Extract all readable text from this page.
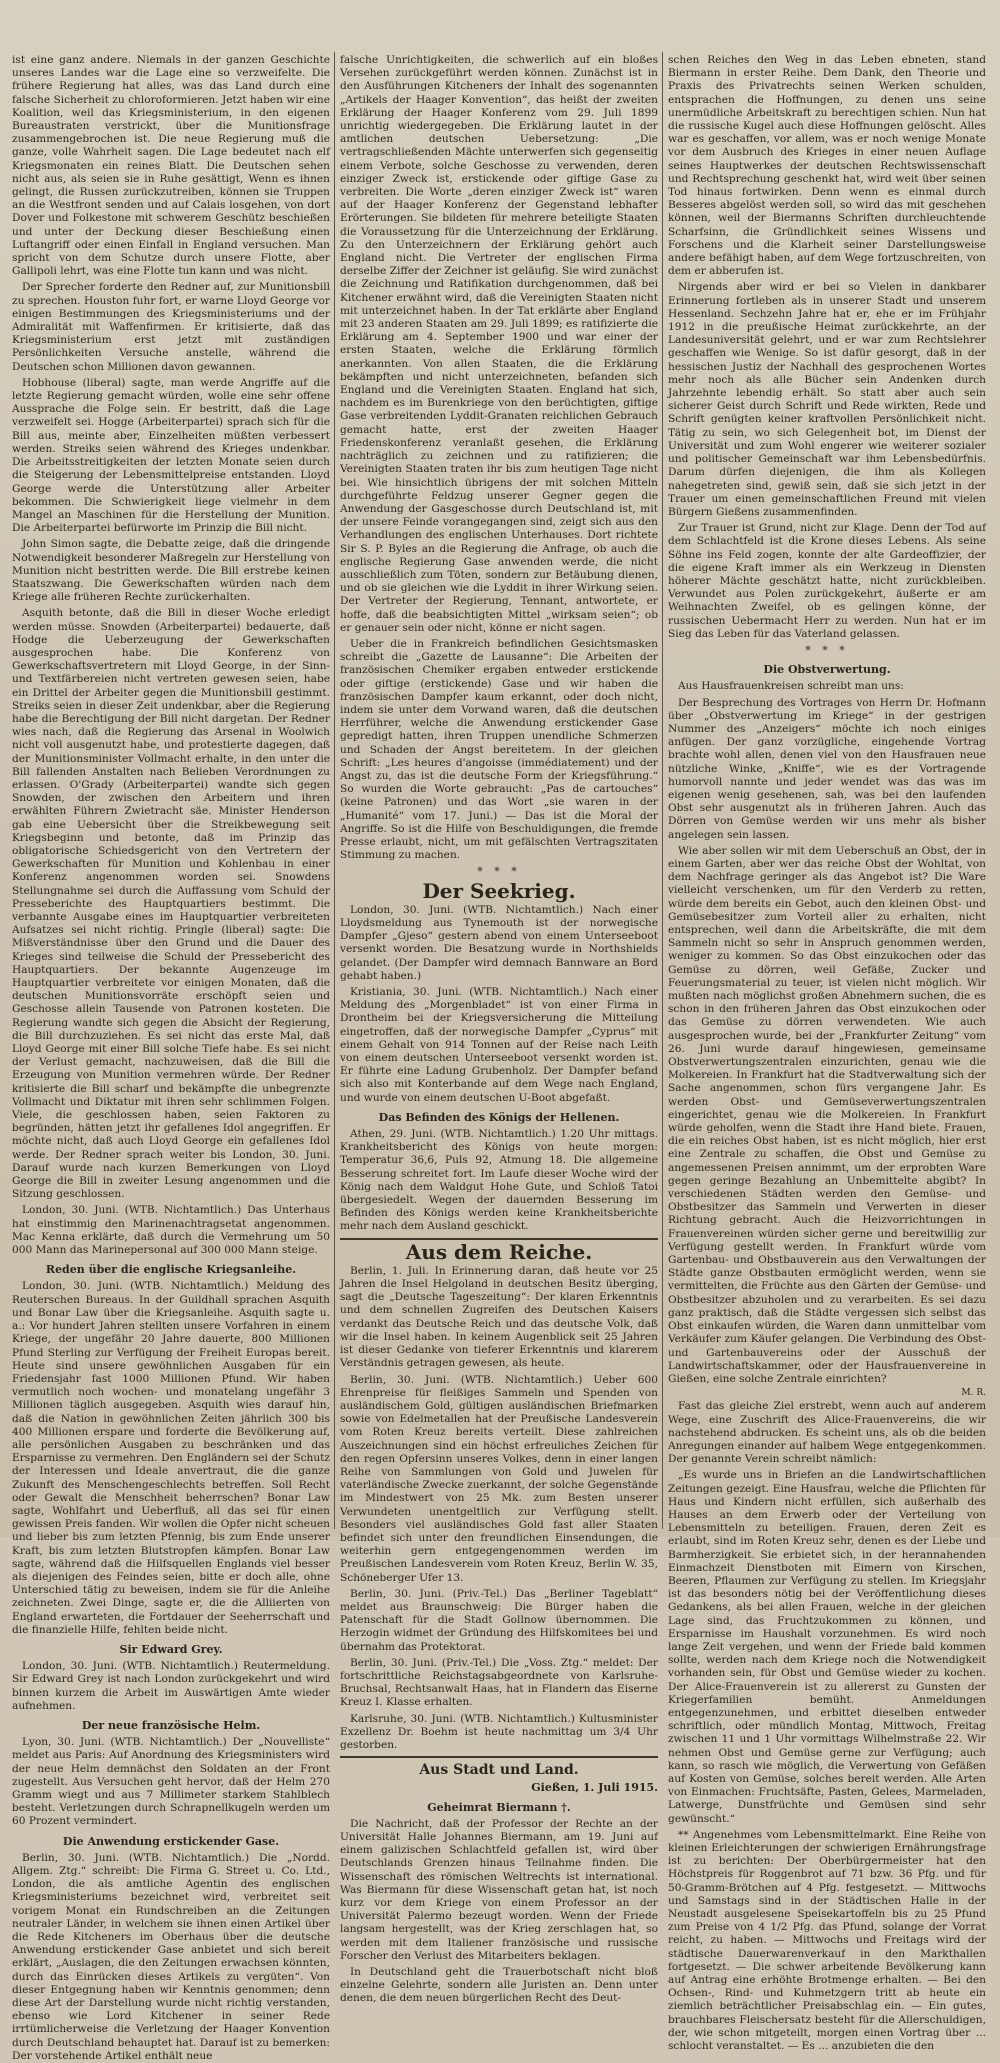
ist eine ganz andere. Niemals in der ganzen Geschichte unseres Landes war die Lage eine so verzweifelte. Die frühere Regierung hat alles, was das Land durch eine falsche Sicherheit zu chloroformieren. Jetzt haben wir eine Koalition, weil das Kriegsministerium, in den eigenen Bureaustraten verstrickt, über die Munitionsfrage zusammengebrochen ist. Die neue Regierung muß die ganze, volle Wahrheit sagen. Die Lage bedeutet nach elf Kriegsmonaten ein reines Blatt. Die Deutschen sehen nicht aus, als seien sie in Ruhe gesättigt, Wenn es ihnen gelingt, die Russen zurückzutreiben, können sie Truppen an die Westfront senden und auf Calais losgehen, von dort Dover und Folkestone mit schwerem Geschütz beschießen und unter der Deckung dieser Beschießung einen Luftangriff oder einen Einfall in England versuchen. Man spricht von dem Schutze durch unsere Flotte, aber Gallipoli lehrt, was eine Flotte tun kann und was nicht.

Der Sprecher forderte den Redner auf, zur Munitionsbill zu sprechen. Houston fuhr fort, er warne Lloyd George vor einigen Bestimmungen des Kriegsministeriums und der Admiralität mit Waffenfirmen. Er kritisierte, daß das Kriegsministerium erst jetzt mit zuständigen Persönlichkeiten Versuche anstelle, während die Deutschen schon Millionen davon gewannen.

Hobhouse (liberal) sagte, man werde Angriffe auf die letzte Regierung gemacht würden, wolle eine sehr offene Aussprache die Folge sein. Er bestritt, daß die Lage verzweifelt sei. Hogge (Arbeiterpartei) sprach sich für die Bill aus, meinte aber, Einzelheiten müßten verbessert werden. Streiks seien während des Krieges undenkbar. Die Arbeitsstreitigkeiten der letzten Monate seien durch die Steigerung der Lebensmittelpreise entstanden. Lloyd George werde die Unterstützung aller Arbeiter bekommen. Die Schwierigkeit liege vielmehr in dem Mangel an Maschinen für die Herstellung der Munition. Die Arbeiterpartei befürworte im Prinzip die Bill nicht.

John Simon sagte, die Debatte zeige, daß die dringende Notwendigkeit besonderer Maßregeln zur Herstellung von Munition nicht bestritten werde. Die Bill erstrebe keinen Staatszwang. Die Gewerkschaften würden nach dem Kriege alle früheren Rechte zurückerhalten.

Asquith betonte, daß die Bill in dieser Woche erledigt werden müsse. Snowden (Arbeiterpartei) bedauerte, daß Hodge die Ueberzeugung der Gewerkschaften ausgesprochen habe. Die Konferenz von Gewerkschaftsvertretern mit Lloyd George, in der Sinn- und Textfärbereien nicht vertreten gewesen seien, habe ein Drittel der Arbeiter gegen die Munitionsbill gestimmt. Streiks seien in dieser Zeit undenkbar, aber die Regierung habe die Berechtigung der Bill nicht dargetan. Der Redner wies nach, daß die Regierung das Arsenal in Woolwich nicht voll ausgenutzt habe, und protestierte dagegen, daß der Munitionsminister Vollmacht erhalte, in den unter die Bill fallenden Anstalten nach Belieben Verordnungen zu erlassen. O'Grady (Arbeiterpartei) wandte sich gegen Snowden, der zwischen den Arbeitern und ihren erwählten Führern Zwietracht säe. Minister Henderson gab eine Uebersicht über die Streikbewegung seit Kriegsbeginn und betonte, daß im Prinzip das obligatorische Schiedsgericht von den Vertretern der Gewerkschaften für Munition und Kohlenbau in einer Konferenz angenommen worden sei. Snowdens Stellungnahme sei durch die Auffassung vom Schuld der Presseberichte des Hauptquartiers bestimmt. Die verbannte Ausgabe eines im Hauptquartier verbreiteten Aufsatzes sei nicht richtig. Pringle (liberal) sagte: Die Mißverständnisse über den Grund und die Dauer des Krieges sind teilweise die Schuld der Pressebericht des Hauptquartiers. Der bekannte Augenzeuge im Hauptquartier verbreitete vor einigen Monaten, daß die deutschen Munitionsvorräte erschöpft seien und Geschosse allein Tausende von Patronen kosteten. Die Regierung wandte sich gegen die Absicht der Regierung, die Bill durchzuziehen. Es sei nicht das erste Mal, daß Lloyd George mit einer Bill solche Tiefe habe. Es sei nicht der Verlust gemacht, nachzuweisen, daß die Bill die Erzeugung von Munition vermehren würde. Der Redner kritisierte die Bill scharf und bekämpfte die unbegrenzte Vollmacht und Diktatur mit ihren sehr schlimmen Folgen. Viele, die geschlossen haben, seien Faktoren zu begründen, hätten jetzt ihr gefallenes Idol angegriffen. Er möchte nicht, daß auch Lloyd George ein gefallenes Idol werde. Der Redner sprach weiter bis London, 30. Juni. Darauf wurde nach kurzen Bemerkungen von Lloyd George die Bill in zweiter Lesung angenommen und die Sitzung geschlossen.

London, 30. Juni. (WTB. Nichtamtlich.) Das Unterhaus hat einstimmig den Marinenachtragsetat angenommen. Mac Kenna erklärte, daß durch die Vermehrung um 50 000 Mann das Marinepersonal auf 300 000 Mann steige.

Reden über die englische Kriegsanleihe.

London, 30. Juni. (WTB. Nichtamtlich.) Meldung des Reuterschen Bureaus. In der Guildhall sprachen Asquith und Bonar Law über die Kriegsanleihe. Asquith sagte u. a.: Vor hundert Jahren stellten unsere Vorfahren in einem Kriege, der ungefähr 20 Jahre dauerte, 800 Millionen Pfund Sterling zur Verfügung der Freiheit Europas bereit. Heute sind unsere gewöhnlichen Ausgaben für ein Friedensjahr fast 1000 Millionen Pfund. Wir haben vermutlich noch wochen- und monatelang ungefähr 3 Millionen täglich ausgegeben. Asquith wies darauf hin, daß die Nation in gewöhnlichen Zeiten jährlich 300 bis 400 Millionen erspare und forderte die Bevölkerung auf, alle persönlichen Ausgaben zu beschränken und das Ersparnisse zu vermehren. Den Engländern sei der Schutz der Interessen und Ideale anvertraut, die die ganze Zukunft des Menschengeschlechts betreffen. Soll Recht oder Gewalt die Menschheit beherrschen? Bonar Law sagte, Wohlfahrt und Ueberfluß, all das sei für einen gewissen Preis fanden. Wir wollen die Opfer nicht scheuen und lieber bis zum letzten Pfennig, bis zum Ende unserer Kraft, bis zum letzten Blutstropfen kämpfen. Bonar Law sagte, während daß die Hilfsquellen Englands viel besser als diejenigen des Feindes seien, bitte er doch alle, ohne Unterschied tätig zu beweisen, indem sie für die Anleihe zeichneten. Zwei Dinge, sagte er, die die Alliierten von England erwarteten, die Fortdauer der Seeherrschaft und die finanzielle Hilfe, fehlten beide nicht.

Sir Edward Grey.

London, 30. Juni. (WTB. Nichtamtlich.) Reutermeldung. Sir Edward Grey ist nach London zurückgekehrt und wird binnen kurzem die Arbeit im Auswärtigen Amte wieder aufnehmen.

Der neue französische Helm.

Lyon, 30. Juni. (WTB. Nichtamtlich.) Der „Nouvelliste“ meldet aus Paris: Auf Anordnung des Kriegsministers wird der neue Helm demnächst den Soldaten an der Front zugestellt. Aus Versuchen geht hervor, daß der Helm 270 Gramm wiegt und aus 7 Millimeter starkem Stahlblech besteht. Verletzungen durch Schrapnellkugeln werden um 60 Prozent vermindert.

Die Anwendung erstickender Gase.

Berlin, 30. Juni. (WTB. Nichtamtlich.) Die „Nordd. Allgem. Ztg.“ schreibt: Die Firma G. Street u. Co. Ltd., London, die als amtliche Agentin des englischen Kriegsministeriums bezeichnet wird, verbreitet seit vorigem Monat ein Rundschreiben an die Zeitungen neutraler Länder, in welchem sie ihnen einen Artikel über die Rede Kitcheners im Oberhaus über die deutsche Anwendung erstickender Gase anbietet und sich bereit erklärt, „Auslagen, die den Zeitungen erwachsen könnten, durch das Einrücken dieses Artikels zu vergüten“. Von dieser Entgegnung haben wir Kenntnis genommen; denn diese Art der Darstellung wurde nicht richtig verstanden, ebenso wie Lord Kitchener in seiner Rede irrtümlicherweise die Verletzung der Haager Konvention durch Deutschland behauptet hat. Darauf ist zu bemerken: Der vorstehende Artikel enthält neue

falsche Unrichtigkeiten, die schwerlich auf ein bloßes Versehen zurückgeführt werden können. Zunächst ist in den Ausführungen Kitcheners der Inhalt des sogenannten „Artikels der Haager Konvention“, das heißt der zweiten Erklärung der Haager Konferenz vom 29. Juli 1899 unrichtig wiedergegeben. Die Erklärung lautet in der amtlichen deutschen Uebersetzung: „Die vertragschließenden Mächte unterwerfen sich gegenseitig einem Verbote, solche Geschosse zu verwenden, deren einziger Zweck ist, erstickende oder giftige Gase zu verbreiten. Die Worte „deren einziger Zweck ist“ waren auf der Haager Konferenz der Gegenstand lebhafter Erörterungen. Sie bildeten für mehrere beteiligte Staaten die Voraussetzung für die Unterzeichnung der Erklärung. Zu den Unterzeichnern der Erklärung gehört auch England nicht. Die Vertreter der englischen Firma derselbe Ziffer der Zeichner ist geläufig. Sie wird zunächst die Zeichnung und Ratifikation durchgenommen, daß bei Kitchener erwähnt wird, daß die Vereinigten Staaten nicht mit unterzeichnet haben. In der Tat erklärte aber England mit 23 anderen Staaten am 29. Juli 1899; es ratifizierte die Erklärung am 4. September 1900 und war einer der ersten Staaten, welche die Erklärung förmlich anerkannten. Von allen Staaten, die die Erklärung bekämpften und nicht unterzeichneten, befanden sich England und die Vereinigten Staaten. England hat sich, nachdem es im Burenkriege von den berüchtigten, giftige Gase verbreitenden Lyddit-Granaten reichlichen Gebrauch gemacht hatte, erst der zweiten Haager Friedenskonferenz veranlaßt gesehen, die Erklärung nachträglich zu zeichnen und zu ratifizieren; die Vereinigten Staaten traten ihr bis zum heutigen Tage nicht bei. Wie hinsichtlich übrigens der mit solchen Mitteln durchgeführte Feldzug unserer Gegner gegen die Anwendung der Gasgeschosse durch Deutschland ist, mit der unsere Feinde vorangegangen sind, zeigt sich aus den Verhandlungen des englischen Unterhauses. Dort richtete Sir S. P. Byles an die Regierung die Anfrage, ob auch die englische Regierung Gase anwenden werde, die nicht ausschließlich zum Töten, sondern zur Betäubung dienen, und ob sie gleichen wie die Lyddit in ihrer Wirkung seien. Der Vertreter der Regierung, Tennant, antwortete, er hoffe, daß die beabsichtigten Mittel „wirksam seien“; ob er genauer sein oder nicht, könne er nicht sagen.

Ueber die in Frankreich befindlichen Gesichtsmasken schreibt die „Gazette de Lausanne“: Die Arbeiten der französischen Chemiker ergaben entweder erstickende oder giftige (erstickende) Gase und wir haben die französischen Dampfer kaum erkannt, oder doch nicht, indem sie unter dem Vorwand waren, daß die deutschen Herrführer, welche die Anwendung erstickender Gase gepredigt hatten, ihren Truppen unendliche Schmerzen und Schaden der Angst bereitetem. In der gleichen Schrift: „Les heures d'angoisse (immédiatement) und der Angst zu, das ist die deutsche Form der Kriegsführung.“ So wurden die Worte gebraucht: „Pas de cartouches“ (keine Patronen) und das Wort „sie waren in der „Humanité“ vom 17. Juni.) — Das ist die Moral der Angriffe. So ist die Hilfe von Beschuldigungen, die fremde Presse erlaubt, nicht, um mit gefälschten Vertragszitaten Stimmung zu machen.

* * *
Der Seekrieg.

London, 30. Juni. (WTB. Nichtamtlich.) Nach einer Lloydsmeldung aus Tynemouth ist der norwegische Dampfer „Gjeso“ gestern abend von einem Unterseeboot versenkt worden. Die Besatzung wurde in Northshields gelandet. (Der Dampfer wird demnach Bannware an Bord gehabt haben.)

Kristiania, 30. Juni. (WTB. Nichtamtlich.) Nach einer Meldung des „Morgenbladet“ ist von einer Firma in Drontheim bei der Kriegsversicherung die Mitteilung eingetroffen, daß der norwegische Dampfer „Cyprus“ mit einem Gehalt von 914 Tonnen auf der Reise nach Leith von einem deutschen Unterseeboot versenkt worden ist. Er führte eine Ladung Grubenholz. Der Dampfer befand sich also mit Konterbande auf dem Wege nach England, und wurde von einem deutschen U-Boot abgefaßt.

Das Befinden des Königs der Hellenen.

Athen, 29. Juni. (WTB. Nichtamtlich.) 1.20 Uhr mittags. Krankheitsbericht des Königs von heute morgen: Temperatur 36,6, Puls 92, Atmung 18. Die allgemeine Besserung schreitet fort. Im Laufe dieser Woche wird der König nach dem Waldgut Hohe Gute, und Schloß Tatoi übergesiedelt. Wegen der dauernden Besserung im Befinden des Königs werden keine Krankheitsberichte mehr nach dem Ausland geschickt.

Aus dem Reiche.

Berlin, 1. Juli. In Erinnerung daran, daß heute vor 25 Jahren die Insel Helgoland in deutschen Besitz überging, sagt die „Deutsche Tageszeitung“: Der klaren Erkenntnis und dem schnellen Zugreifen des Deutschen Kaisers verdankt das Deutsche Reich und das deutsche Volk, daß wir die Insel haben. In keinem Augenblick seit 25 Jahren ist dieser Gedanke von tieferer Erkenntnis und klarerem Verständnis getragen gewesen, als heute.

Berlin, 30. Juni. (WTB. Nichtamtlich.) Ueber 600 Ehrenpreise für fleißiges Sammeln und Spenden von ausländischem Gold, gültigen ausländischen Briefmarken sowie von Edelmetallen hat der Preußische Landesverein vom Roten Kreuz bereits verteilt. Diese zahlreichen Auszeichnungen sind ein höchst erfreuliches Zeichen für den regen Opfersinn unseres Volkes, denn in einer langen Reihe von Sammlungen von Gold und Juwelen für vaterländische Zwecke zuerkannt, der solche Gegenstände im Mindestwert von 25 Mk. zum Besten unserer Verwundeten unentgeltlich zur Verfügung stellt. Besonders viel ausländisches Gold fast aller Staaten befindet sich unter den freundlichen Einsendungen, die weiterhin gern entgegengenommen werden im Preußischen Landesverein vom Roten Kreuz, Berlin W. 35, Schöneberger Ufer 13.

Berlin, 30. Juni. (Priv.-Tel.) Das „Berliner Tageblatt“ meldet aus Braunschweig: Die Bürger haben die Patenschaft für die Stadt Gollnow übernommen. Die Herzogin widmet der Gründung des Hilfskomitees bei und übernahm das Protektorat.

Berlin, 30. Juni. (Priv.-Tel.) Die „Voss. Ztg.“ meldet: Der fortschrittliche Reichstagsabgeordnete von Karlsruhe-Bruchsal, Rechtsanwalt Haas, hat in Flandern das Eiserne Kreuz I. Klasse erhalten.

Karlsruhe, 30. Juni. (WTB. Nichtamtlich.) Kultusminister Exzellenz Dr. Boehm ist heute nachmittag um 3/4 Uhr gestorben.

Aus Stadt und Land.
Gießen, 1. Juli 1915.
Geheimrat Biermann †.

Die Nachricht, daß der Professor der Rechte an der Universität Halle Johannes Biermann, am 19. Juni auf einem galizischen Schlachtfeld gefallen ist, wird über Deutschlands Grenzen hinaus Teilnahme finden. Die Wissenschaft des römischen Weltrechts ist international. Was Biermann für diese Wissenschaft getan hat, ist noch kurz vor dem Kriege von einem Professor an der Universität Palermo bezeugt worden. Wenn der Friede langsam hergestellt, was der Krieg zerschlagen hat, so werden mit dem Italiener französische und russische Forscher den Verlust des Mitarbeiters beklagen.

In Deutschland geht die Trauerbotschaft nicht bloß einzelne Gelehrte, sondern alle Juristen an. Denn unter denen, die dem neuen bürgerlichen Recht des Deut-

schen Reiches den Weg in das Leben ebneten, stand Biermann in erster Reihe. Dem Dank, den Theorie und Praxis des Privatrechts seinen Werken schulden, entsprachen die Hoffnungen, zu denen uns seine unermüdliche Arbeitskraft zu berechtigen schien. Nun hat die russische Kugel auch diese Hoffnungen gelöscht. Alles war es geschaffen, vor allem, was er noch wenige Monate vor dem Ausbruch des Krieges in einer neuen Auflage seines Hauptwerkes der deutschen Rechtswissenschaft und Rechtsprechung geschenkt hat, wird weit über seinen Tod hinaus fortwirken. Denn wenn es einmal durch Besseres abgelöst werden soll, so wird das mit geschehen können, weil der Biermanns Schriften durchleuchtende Scharfsinn, die Gründlichkeit seines Wissens und Forschens und die Klarheit seiner Darstellungsweise andere befähigt haben, auf dem Wege fortzuschreiten, von dem er abberufen ist.

Nirgends aber wird er bei so Vielen in dankbarer Erinnerung fortleben als in unserer Stadt und unserem Hessenland. Sechzehn Jahre hat er, ehe er im Frühjahr 1912 in die preußische Heimat zurückkehrte, an der Landesuniversität gelehrt, und er war zum Rechtslehrer geschaffen wie Wenige. So ist dafür gesorgt, daß in der hessischen Justiz der Nachhall des gesprochenen Wortes mehr noch als alle Bücher sein Andenken durch Jahrzehnte lebendig erhält. So statt aber auch sein sicherer Geist durch Schrift und Rede wirkten, Rede und Schrift genügten keiner kraftvollen Persönlichkeit nicht. Tätig zu sein, wo sich Gelegenheit bot, im Dienst der Universität und zum Wohl engerer wie weiterer sozialer und politischer Gemeinschaft war ihm Lebensbedürfnis. Darum dürfen diejenigen, die ihm als Kollegen nahegetreten sind, gewiß sein, daß sie sich jetzt in der Trauer um einen gemeinschaftlichen Freund mit vielen Bürgern Gießens zusammenfinden.

Zur Trauer ist Grund, nicht zur Klage. Denn der Tod auf dem Schlachtfeld ist die Krone dieses Lebens. Als seine Söhne ins Feld zogen, konnte der alte Gardeoffizier, der die eigene Kraft immer als ein Werkzeug in Diensten höherer Mächte geschätzt hatte, nicht zurückbleiben. Verwundet aus Polen zurückgekehrt, äußerte er am Weihnachten Zweifel, ob es gelingen könne, der russischen Uebermacht Herr zu werden. Nun hat er im Sieg das Leben für das Vaterland gelassen.

* * *
Die Obstverwertung.

Aus Hausfrauenkreisen schreibt man uns:

Der Besprechung des Vortrages von Herrn Dr. Hofmann über „Obstverwertung im Kriege“ in der gestrigen Nummer des „Anzeigers“ möchte ich noch einiges anfügen. Der ganz vorzügliche, eingehende Vortrag brachte wohl allen, denen viel von den Hausfrauen neue nützliche Winke, „Kniffe“, wie es der Vortragende humorvoll nannte und jeder wendet was das was im eigenen wenig gesehenen, sah, was bei den laufenden Obst sehr ausgenutzt als in früheren Jahren. Auch das Dörren von Gemüse werden wir uns mehr als bisher angelegen sein lassen.

Wie aber sollen wir mit dem Ueberschuß an Obst, der in einem Garten, aber wer das reiche Obst der Wohltat, von dem Nachfrage geringer als das Angebot ist? Die Ware vielleicht verschenken, um für den Verderb zu retten, würde dem bereits ein Gebot, auch den kleinen Obst- und Gemüsebesitzer zum Vorteil aller zu erhalten, nicht entsprechen, weil dann die Arbeitskräfte, die mit dem Sammeln nicht so sehr in Anspruch genommen werden, weniger zu kommen. So das Obst einzukochen oder das Gemüse zu dörren, weil Gefäße, Zucker und Feuerungsmaterial zu teuer, ist vielen nicht möglich. Wir mußten nach möglichst großen Abnehmern suchen, die es schon in den früheren Jahren das Obst einzukochen oder das Gemüse zu dörren verwendeten. Wie auch ausgesprochen wurde, bei der „Frankfurter Zeitung“ vom 26. Juni wurde darauf hingewiesen, gemeinsame Obstverwertungszentralen einzurichten, genau wie die Molkereien. In Frankfurt hat die Stadtverwaltung sich der Sache angenommen, schon fürs vergangene Jahr. Es werden Obst- und Gemüseverwertungszentralen eingerichtet, genau wie die Molkereien. In Frankfurt würde geholfen, wenn die Stadt ihre Hand biete. Frauen, die ein reiches Obst haben, ist es nicht möglich, hier erst eine Zentrale zu schaffen, die Obst und Gemüse zu angemessenen Preisen annimmt, um der erprobten Ware gegen geringe Bezahlung an Unbemittelte abgibt? In verschiedenen Städten werden den Gemüse- und Obstbesitzer das Sammeln und Verwerten in dieser Richtung gebracht. Auch die Heizvorrichtungen in Frauenvereinen würden sicher gerne und bereitwillig zur Verfügung gestellt werden. In Frankfurt würde vom Gartenbau- und Obstbauverein aus den Verwaltungen der Städte ganze Obstbauten ermöglicht werden, wenn sie vermittelten, die Früchte aus den Gärten der Gemüse- und Obstbesitzer abzuholen und zu verarbeiten. Es sei dazu ganz praktisch, daß die Städte vergessen sich selbst das Obst einkaufen würden, die Waren dann unmittelbar vom Verkäufer zum Käufer gelangen. Die Verbindung des Obst- und Gartenbauvereins oder der Ausschuß der Landwirtschaftskammer, oder der Hausfrauenvereine in Gießen, eine solche Zentrale einrichten?

M. R.

Fast das gleiche Ziel erstrebt, wenn auch auf anderem Wege, eine Zuschrift des Alice-Frauenvereins, die wir nachstehend abdrucken. Es scheint uns, als ob die beiden Anregungen einander auf halbem Wege entgegenkommen. Der genannte Verein schreibt nämlich:

„Es wurde uns in Briefen an die Landwirtschaftlichen Zeitungen gezeigt. Eine Hausfrau, welche die Pflichten für Haus und Kindern nicht erfüllen, sich außerhalb des Hauses an dem Erwerb oder der Verteilung von Lebensmitteln zu beteiligen. Frauen, deren Zeit es erlaubt, sind im Roten Kreuz sehr, denen es der Liebe und Barmherzigkeit. Sie erbietet sich, in der herannahenden Einmachzeit Dienstboten mit Eimern von Kirschen, Beeren, Pflaumen zur Verfügung zu stellen. Im Kriegsjahr ist das besonders nötig bei der Veröffentlichung dieses Gedankens, als bei allen Frauen, welche in der gleichen Lage sind, das Fruchtzukommen zu können, und Ersparnisse im Haushalt vorzunehmen. Es wird noch lange Zeit vergehen, und wenn der Friede bald kommen sollte, werden nach dem Kriege noch die Notwendigkeit vorhanden sein, für Obst und Gemüse wieder zu kochen. Der Alice-Frauenverein ist zu allererst zu Gunsten der Kriegerfamilien bemüht. Anmeldungen entgegenzunehmen, und erbittet dieselben entweder schriftlich, oder mündlich Montag, Mittwoch, Freitag zwischen 11 und 1 Uhr vormittags Wilhelmstraße 22. Wir nehmen Obst und Gemüse gerne zur Verfügung; auch kann, so rasch wie möglich, die Verwertung von Gefäßen auf Kosten von Gemüse, solches bereit werden. Alle Arten von Einmachen: Fruchtsäfte, Pasten, Gelees, Marmeladen, Latwerge, Dunstfrüchte und Gemüsen sind sehr gewünscht.“

** Angenehmes vom Lebensmittelmarkt. Eine Reihe von kleinen Erleichterungen der schwierigen Ernährungsfrage ist zu berichten: Der Oberbürgermeister hat den Höchstpreis für Roggenbrot auf 71 bzw. 36 Pfg. und für 50-Gramm-Brötchen auf 4 Pfg. festgesetzt. — Mittwochs und Samstags sind in der Städtischen Halle in der Neustadt ausgelesene Speisekartoffeln bis zu 25 Pfund zum Preise von 4 1/2 Pfg. das Pfund, solange der Vorrat reicht, zu haben. — Mittwochs und Freitags wird der städtische Dauerwarenverkauf in den Markthallen fortgesetzt. — Die schwer arbeitende Bevölkerung kann auf Antrag eine erhöhte Brotmenge erhalten. — Bei den Ochsen-, Rind- und Kuhmetzgern tritt ab heute ein ziemlich beträchtlicher Preisabschlag ein. — Ein gutes, brauchbares Fleischersatz besteht für die Allerschuldigen, der, wie schon mitgeteilt, morgen einen Vortrag über ... schlocht veranstaltet. — Es ... anzubieten die den
